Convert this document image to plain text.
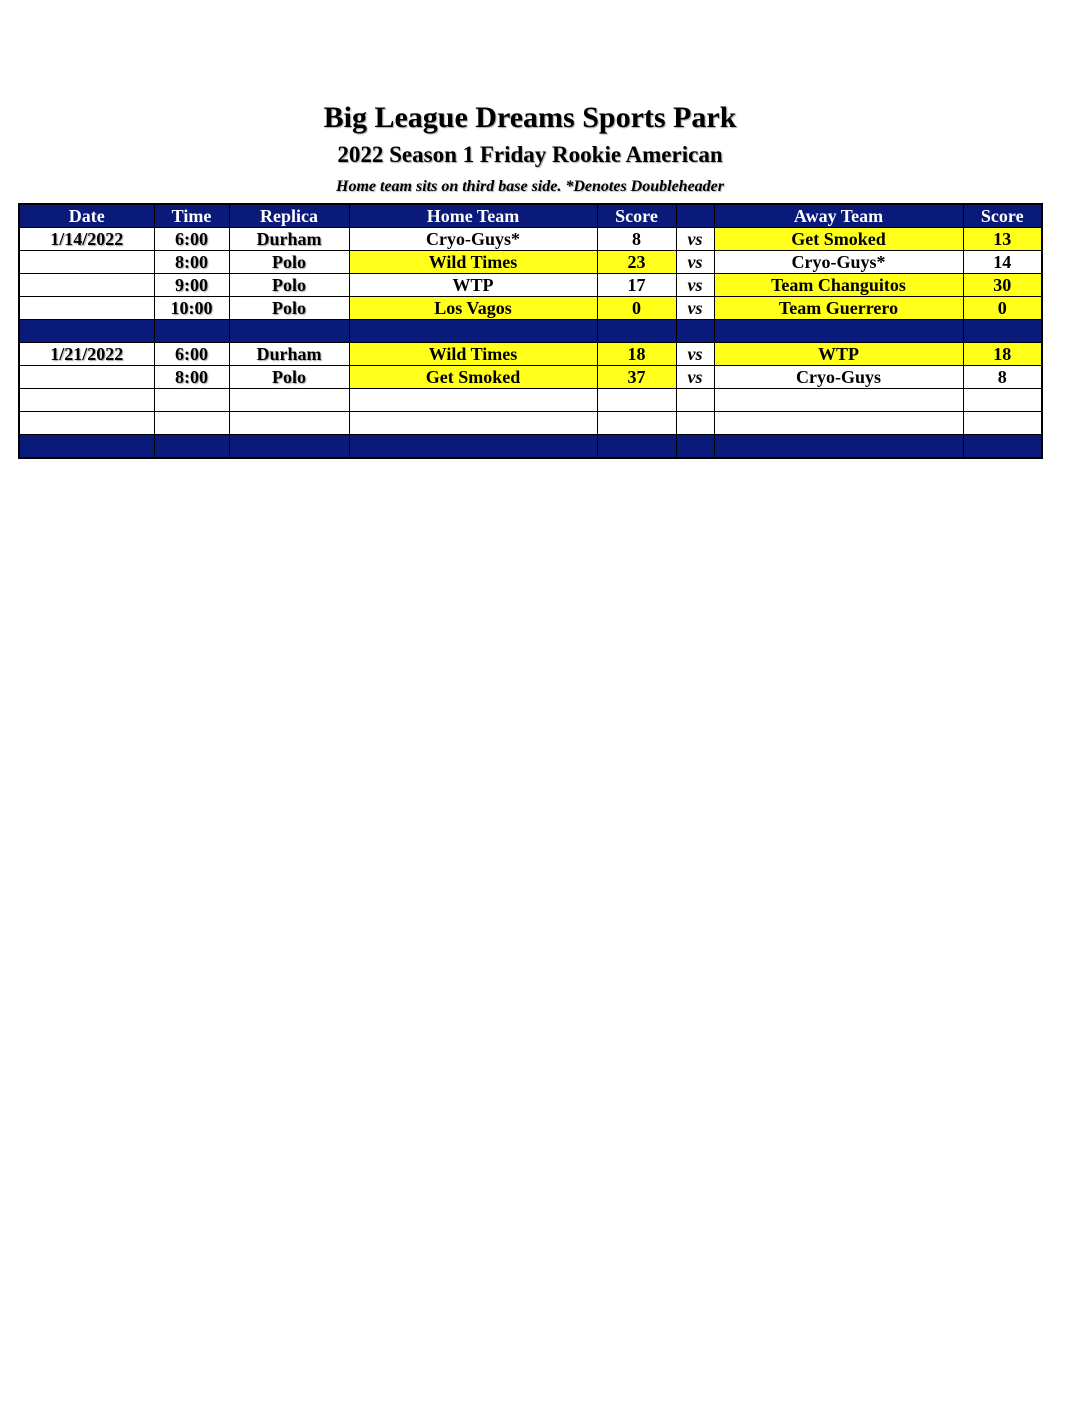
Big League Dreams Sports Park
2022 Season 1 Friday Rookie American
Home team sits on third base side. *Denotes Doubleheader
Date	Time	Replica	Home Team	Score		Away Team	Score
1/14/2022	6:00	Durham	Cryo-Guys*	8	vs	Get Smoked	13
	8:00	Polo	Wild Times	23	vs	Cryo-Guys*	14
	9:00	Polo	WTP	17	vs	Team Changuitos	30
	10:00	Polo	Los Vagos	0	vs	Team Guerrero	0

1/21/2022	6:00	Durham	Wild Times	18	vs	WTP	18
	8:00	Polo	Get Smoked	37	vs	Cryo-Guys	8
